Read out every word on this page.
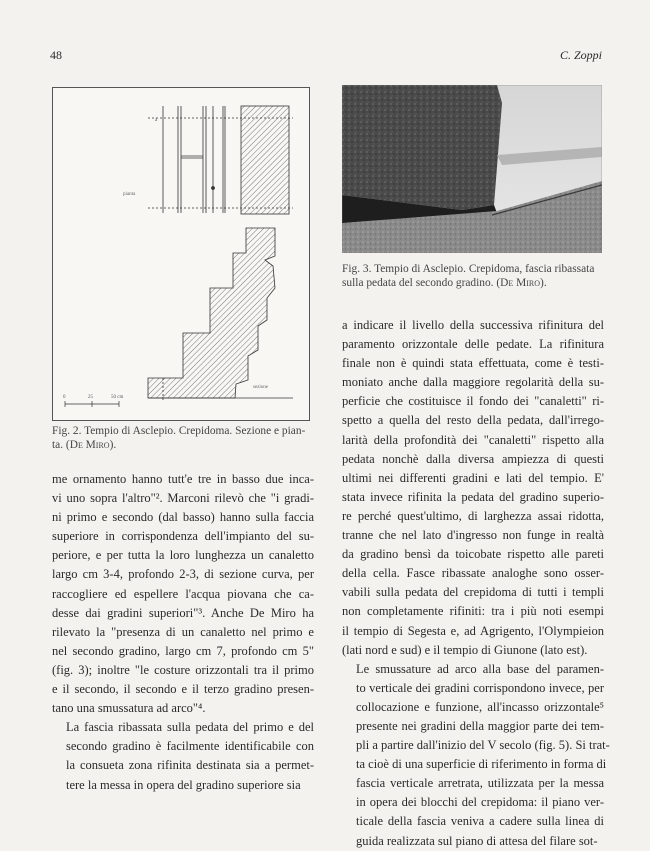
48	C. Zoppi
pianta
a
sezione
0	25	50 cm
Fig. 2. Tempio di Asclepio. Crepidoma. Sezione e pian-
ta. (De Miro).
Fig. 3. Tempio di Asclepio. Crepidoma, fascia ribassata
sulla pedata del secondo gradino. (De Miro).

me ornamento hanno tutt'e tre in basso due inca-
vi uno sopra l'altro"². Marconi rilevò che "i gradi-
ni primo e secondo (dal basso) hanno sulla faccia
superiore in corrispondenza dell'impianto del su-
periore, e per tutta la loro lunghezza un canaletto
largo cm 3-4, profondo 2-3, di sezione curva, per
raccogliere ed espellere l'acqua piovana che ca-
desse dai gradini superiori"³. Anche De Miro ha
rilevato la "presenza di un canaletto nel primo e
nel secondo gradino, largo cm 7, profondo cm 5"
(fig. 3); inoltre "le costure orizzontali tra il primo
e il secondo, il secondo e il terzo gradino presen-
tano una smussatura ad arco"⁴.

La fascia ribassata sulla pedata del primo e del
secondo gradino è facilmente identificabile con
la consueta zona rifinita destinata sia a permet-
tere la messa in opera del gradino superiore sia

a indicare il livello della successiva rifinitura del
paramento orizzontale delle pedate. La rifinitura
finale non è quindi stata effettuata, come è testi-
moniato anche dalla maggiore regolarità della su-
perficie che costituisce il fondo dei "canaletti" ri-
spetto a quella del resto della pedata, dall'irrego-
larità della profondità dei "canaletti" rispetto alla
pedata nonchè dalla diversa ampiezza di questi
ultimi nei differenti gradini e lati del tempio. E'
stata invece rifinita la pedata del gradino superio-
re perché quest'ultimo, di larghezza assai ridotta,
tranne che nel lato d'ingresso non funge in realtà
da gradino bensì da toicobate rispetto alle pareti
della cella. Fasce ribassate analoghe sono osser-
vabili sulla pedata del crepidoma di tutti i templi
non completamente rifiniti: tra i più noti esempi
il tempio di Segesta e, ad Agrigento, l'Olympieion
(lati nord e sud) e il tempio di Giunone (lato est).

Le smussature ad arco alla base del paramen-
to verticale dei gradini corrispondono invece, per
collocazione e funzione, all'incasso orizzontale⁵
presente nei gradini della maggior parte dei tem-
pli a partire dall'inizio del V secolo (fig. 5). Si trat-
ta cioè di una superficie di riferimento in forma di
fascia verticale arretrata, utilizzata per la messa
in opera dei blocchi del crepidoma: il piano ver-
ticale della fascia veniva a cadere sulla linea di
guida realizzata sul piano di attesa del filare sot-
